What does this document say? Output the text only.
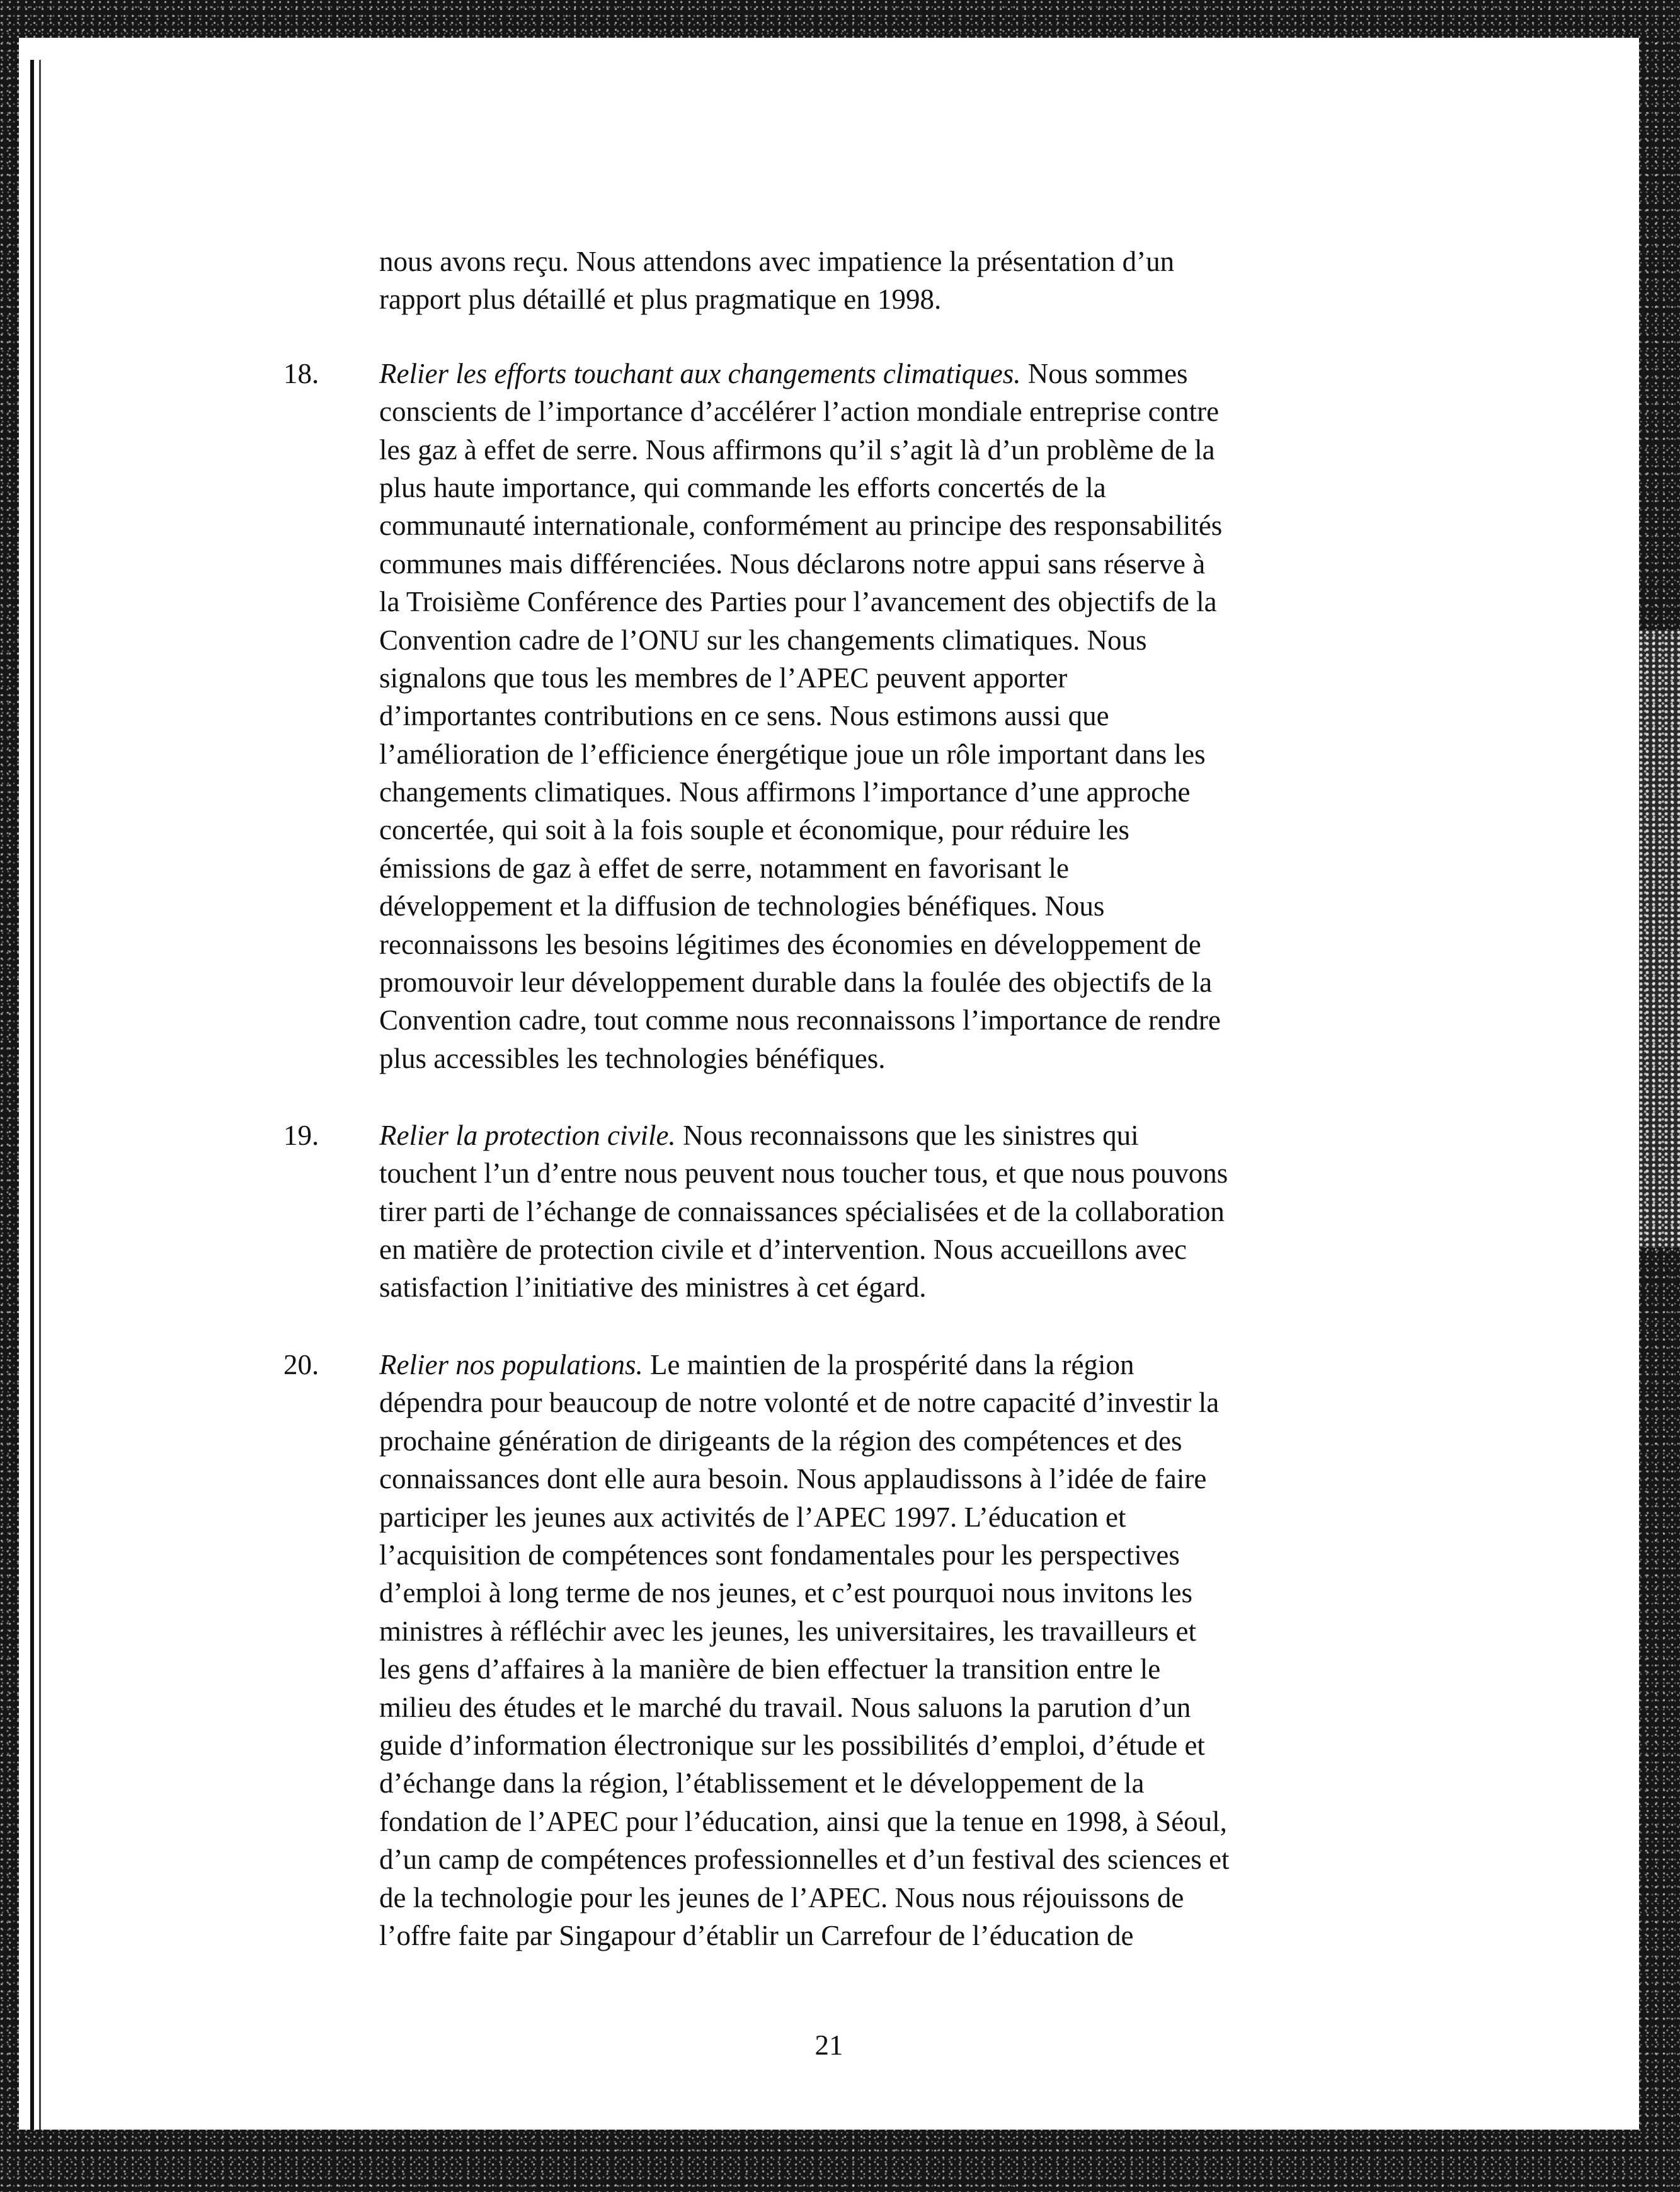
nous avons reçu. Nous attendons avec impatience la présentation d’un
rapport plus détaillé et plus pragmatique en 1998.
18. Relier les efforts touchant aux changements climatiques. Nous sommes
conscients de l’importance d’accélérer l’action mondiale entreprise contre
les gaz à effet de serre. Nous affirmons qu’il s’agit là d’un problème de la
plus haute importance, qui commande les efforts concertés de la
communauté internationale, conformément au principe des responsabilités
communes mais différenciées. Nous déclarons notre appui sans réserve à
la Troisième Conférence des Parties pour l’avancement des objectifs de la
Convention cadre de l’ONU sur les changements climatiques. Nous
signalons que tous les membres de l’APEC peuvent apporter
d’importantes contributions en ce sens. Nous estimons aussi que
l’amélioration de l’efficience énergétique joue un rôle important dans les
changements climatiques. Nous affirmons l’importance d’une approche
concertée, qui soit à la fois souple et économique, pour réduire les
émissions de gaz à effet de serre, notamment en favorisant le
développement et la diffusion de technologies bénéfiques. Nous
reconnaissons les besoins légitimes des économies en développement de
promouvoir leur développement durable dans la foulée des objectifs de la
Convention cadre, tout comme nous reconnaissons l’importance de rendre
plus accessibles les technologies bénéfiques.
19. Relier la protection civile. Nous reconnaissons que les sinistres qui
touchent l’un d’entre nous peuvent nous toucher tous, et que nous pouvons
tirer parti de l’échange de connaissances spécialisées et de la collaboration
en matière de protection civile et d’intervention. Nous accueillons avec
satisfaction l’initiative des ministres à cet égard.
20. Relier nos populations. Le maintien de la prospérité dans la région
dépendra pour beaucoup de notre volonté et de notre capacité d’investir la
prochaine génération de dirigeants de la région des compétences et des
connaissances dont elle aura besoin. Nous applaudissons à l’idée de faire
participer les jeunes aux activités de l’APEC 1997. L’éducation et
l’acquisition de compétences sont fondamentales pour les perspectives
d’emploi à long terme de nos jeunes, et c’est pourquoi nous invitons les
ministres à réfléchir avec les jeunes, les universitaires, les travailleurs et
les gens d’affaires à la manière de bien effectuer la transition entre le
milieu des études et le marché du travail. Nous saluons la parution d’un
guide d’information électronique sur les possibilités d’emploi, d’étude et
d’échange dans la région, l’établissement et le développement de la
fondation de l’APEC pour l’éducation, ainsi que la tenue en 1998, à Séoul,
d’un camp de compétences professionnelles et d’un festival des sciences et
de la technologie pour les jeunes de l’APEC. Nous nous réjouissons de
l’offre faite par Singapour d’établir un Carrefour de l’éducation de
21
